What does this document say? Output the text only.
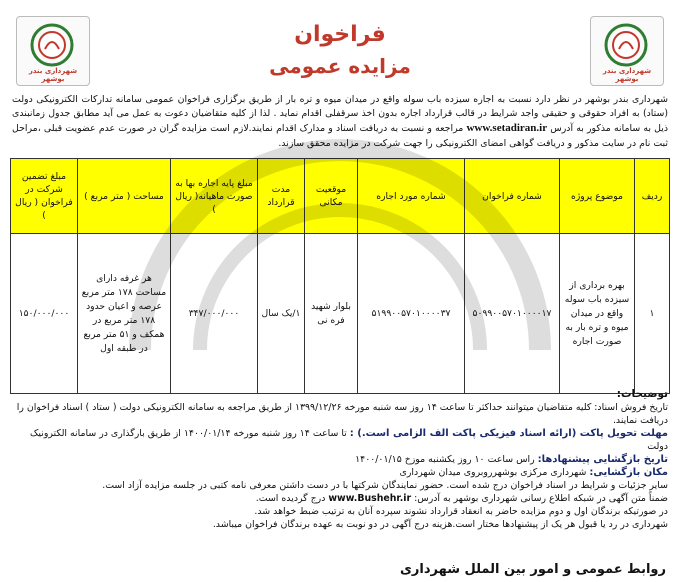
شهرداری بندر بوشهر
شهرداری بندر بوشهر
فراخوان
مزایده عمومی
شهرداری بندر بوشهر در نظر دارد نسبت به اجاره سیزده باب سوله واقع در میدان میوه و تره بار از طریق برگزاری فراخوان عمومی سامانه تدارکات الکترونیکی دولت (ستاد) به افراد حقوقی و حقیقی واجد شرایط در قالب قرارداد اجاره بدون اخذ سرقفلی اقدام نماید . لذا از کلیه متقاضیان دعوت به عمل می آید مطابق جدول زمانبندی ذیل به سامانه مذکور به آدرس www.setadiran.ir مراجعه و نسبت به دریافت اسناد و مدارک اقدام نمایند.لازم است مزایده گران در صورت عدم عضویت قبلی ،مراحل ثبت نام در سایت مذکور و دریافت گواهی امضای الکترونیکی را جهت شرکت در مزایده محقق سازند.
ردیف	موضوع پروژه	شماره فراخوان	شماره مورد اجاره	موقعیت مکانی	مدت قرارداد	مبلغ پایه اجاره بها به صورت ماهیانه( ریال )	مساحت ( متر مربع )	مبلغ تضمین شرکت در فراخوان ( ریال )
۱	بهره برداری از سیزده باب سوله واقع در میدان میوه و تره بار به صورت اجاره	۵۰۹۹۰۰۵۷۰۱۰۰۰۰۱۷	۵۱۹۹۰۰۵۷۰۱۰۰۰۰۳۷	بلوار شهید فره نی	۱/یک سال	۳۴۷/۰۰۰/۰۰۰	هر غرفه دارای مساحت ۱۷۸ متر مربع عرصه و اعیان حدود ۱۷۸ متر مربع در همکف و ۵۱ متر مربع در طبقه اول	۱۵۰/۰۰۰/۰۰۰
توضیحات:
تاریخ فروش اسناد: کلیه متقاضیان میتوانند حداکثر تا ساعت ۱۴ روز سه شنبه مورخه ۱۳۹۹/۱۲/۲۶ از طریق مراجعه به سامانه الکترونیکی دولت ( ستاد ) اسناد فراخوان را دریافت نمایند.
مهلت تحویل پاکت (ارائه اسناد فیزیکی پاکت الف الزامی است.) : تا ساعت ۱۴ روز شنبه مورخه ۱۴۰۰/۰۱/۱۴ از طریق بارگذاری در سامانه الکترونیک دولت
تاریخ بازگشایی پیشنهادها: راس ساعت ۱۰ روز یکشنبه موزخ ۱۴۰۰/۰۱/۱۵
مکان بازگشایی: شهرداری مرکزی بوشهرروبروی میدان شهرداری
سایر جزئیات و شرایط در اسناد فراخوان درج شده است. حضور نمایندگان شرکتها با در دست داشتن معرفی نامه کتبی در جلسه مزایده آزاد است.
ضمناً متن آگهی در شبکه اطلاع رسانی شهرداری بوشهر به آدرس: www.Bushehr.ir درج گردیده است.
در صورتیکه برندگان اول و دوم مزایده حاضر به انعقاد قرارداد نشوند سپرده آنان به ترتیب ضبط خواهد شد.
شهرداری در رد یا قبول هر یک از پیشنهادها مختار است.هزینه درج آگهی در دو نوبت به عهده برندگان فراخوان میباشد.
روابط عمومی و امور بین الملل شهرداری
